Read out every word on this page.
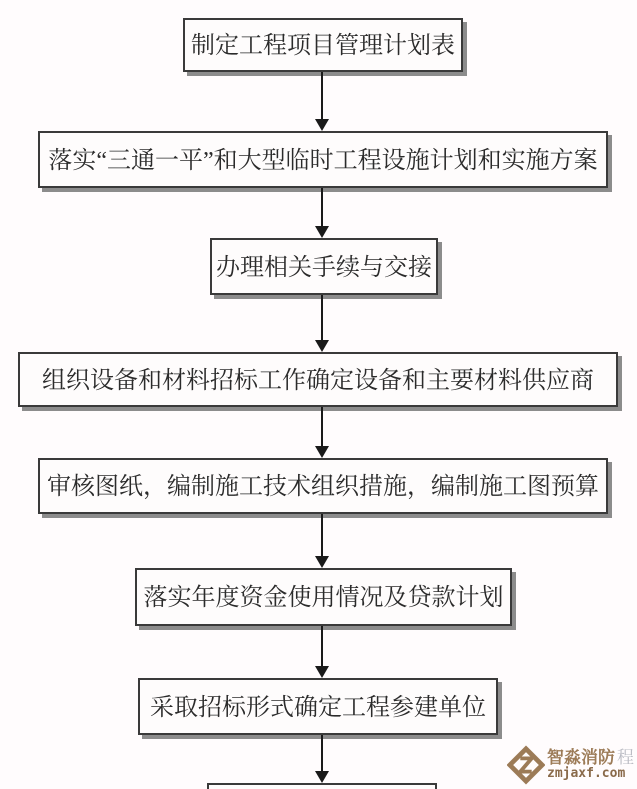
制定工程项目管理计划表
落实“三通一平”和大型临时工程设施计划和实施方案
办理相关手续与交接
组织设备和材料招标工作确定设备和主要材料供应商
审核图纸，编制施工技术组织措施，编制施工图预算
落实年度资金使用情况及贷款计划
采取招标形式确定工程参建单位
智淼消防 程
zmjaxf.com
